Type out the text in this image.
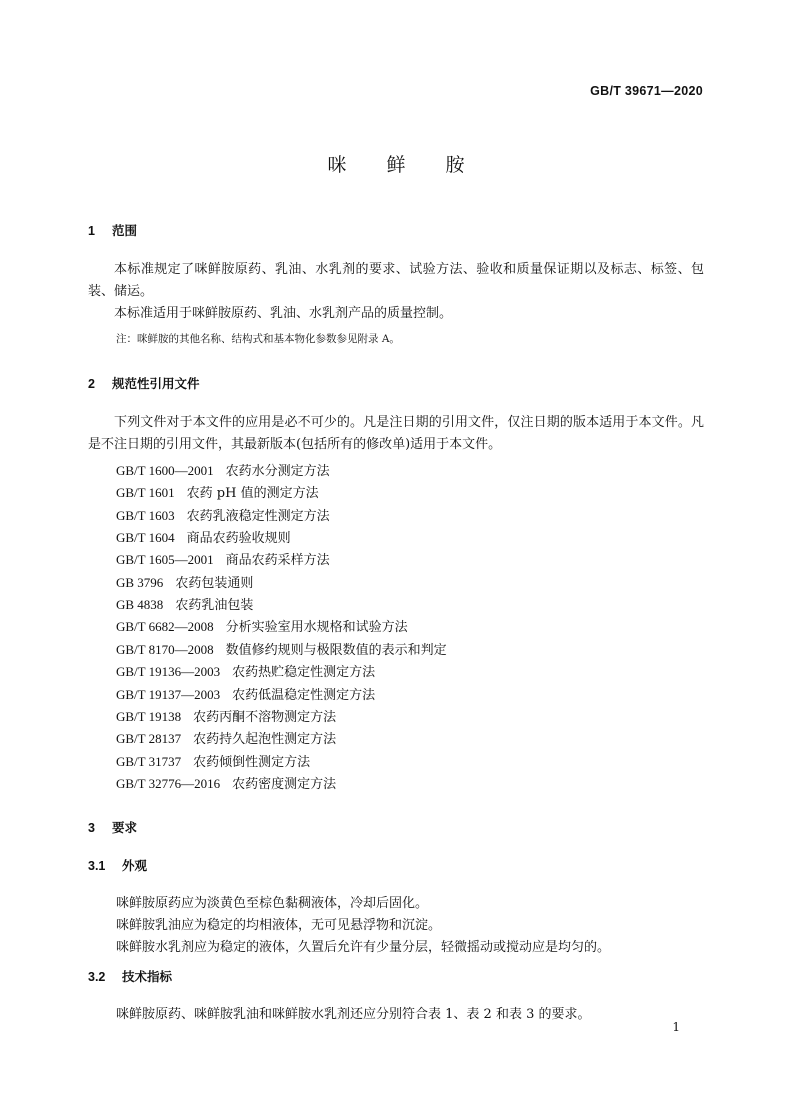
GB/T 39671—2020
咪鲜胺
1 范围
本标准规定了咪鲜胺原药、乳油、水乳剂的要求、试验方法、验收和质量保证期以及标志、标签、包装、储运。
本标准适用于咪鲜胺原药、乳油、水乳剂产品的质量控制。
注：咪鲜胺的其他名称、结构式和基本物化参数参见附录 A。
2 规范性引用文件
下列文件对于本文件的应用是必不可少的。凡是注日期的引用文件，仅注日期的版本适用于本文件。凡是不注日期的引用文件，其最新版本(包括所有的修改单)适用于本文件。
GB/T 1600—2001 农药水分测定方法
GB/T 1601 农药 pH 值的测定方法
GB/T 1603 农药乳液稳定性测定方法
GB/T 1604 商品农药验收规则
GB/T 1605—2001 商品农药采样方法
GB 3796 农药包装通则
GB 4838 农药乳油包装
GB/T 6682—2008 分析实验室用水规格和试验方法
GB/T 8170—2008 数值修约规则与极限数值的表示和判定
GB/T 19136—2003 农药热贮稳定性测定方法
GB/T 19137—2003 农药低温稳定性测定方法
GB/T 19138 农药丙酮不溶物测定方法
GB/T 28137 农药持久起泡性测定方法
GB/T 31737 农药倾倒性测定方法
GB/T 32776—2016 农药密度测定方法
3 要求
3.1 外观
咪鲜胺原药应为淡黄色至棕色黏稠液体，冷却后固化。
咪鲜胺乳油应为稳定的均相液体，无可见悬浮物和沉淀。
咪鲜胺水乳剂应为稳定的液体，久置后允许有少量分层，轻微摇动或搅动应是均匀的。
3.2 技术指标
咪鲜胺原药、咪鲜胺乳油和咪鲜胺水乳剂还应分别符合表 1、表 2 和表 3 的要求。
1
